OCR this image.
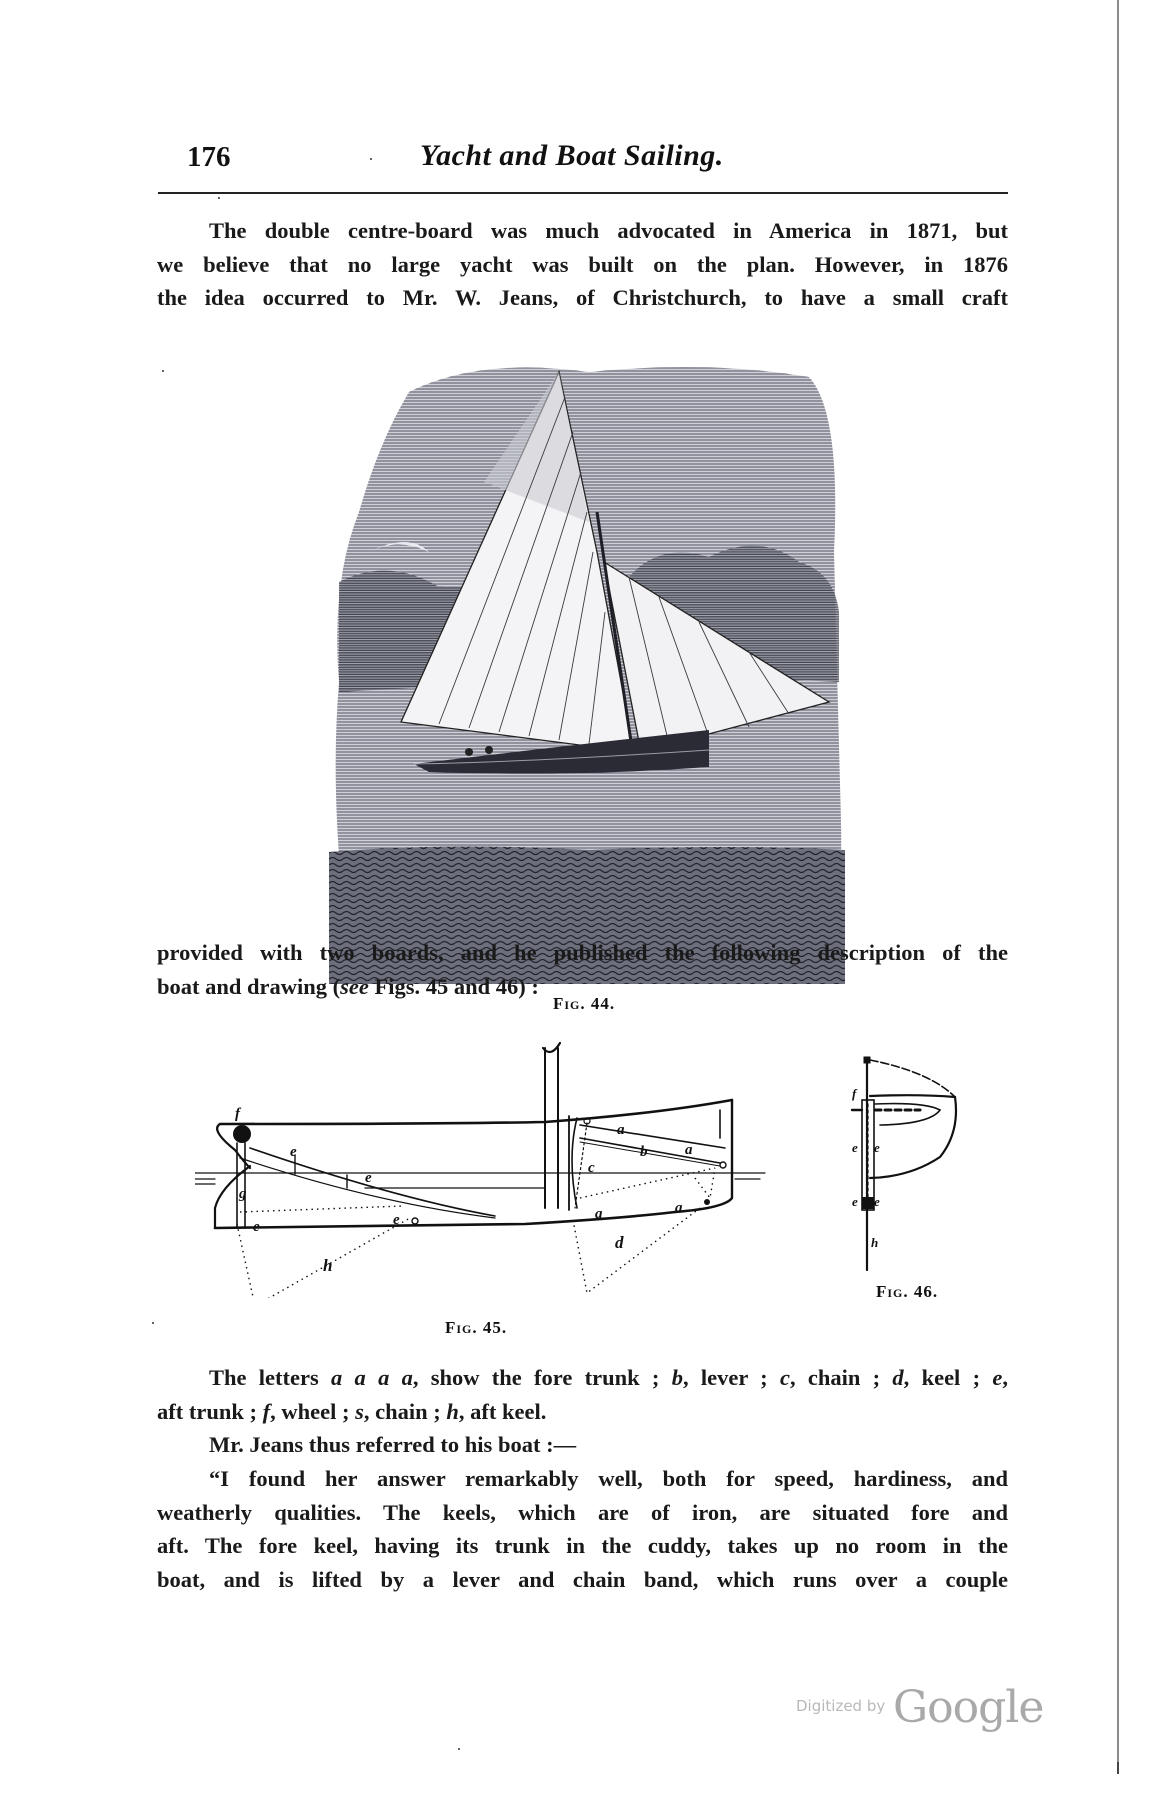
176	Yacht and Boat Sailing.
The double centre-board was much advocated in America in 1871, but
we believe that no large yacht was built on the plan. However, in 1876
the idea occurred to Mr. W. Jeans, of Christchurch, to have a small craft
Fig. 44.
provided with two boards, and he published the following description of the
boat and drawing (see Figs. 45 and 46) :
f
e
e
g
e	e
h
a
a
b
c
a	a
d
Fig. 45.
f
e e
e e
h
Fig. 46.
The letters a a a a, show the fore trunk ; b, lever ; c, chain ; d, keel ; e,
aft trunk ; f, wheel ; s, chain ; h, aft keel.
Mr. Jeans thus referred to his boat :—
“I found her answer remarkably well, both for speed, hardiness, and
weatherly qualities. The keels, which are of iron, are situated fore and
aft. The fore keel, having its trunk in the cuddy, takes up no room in the
boat, and is lifted by a lever and chain band, which runs over a couple
Digitized by Google
